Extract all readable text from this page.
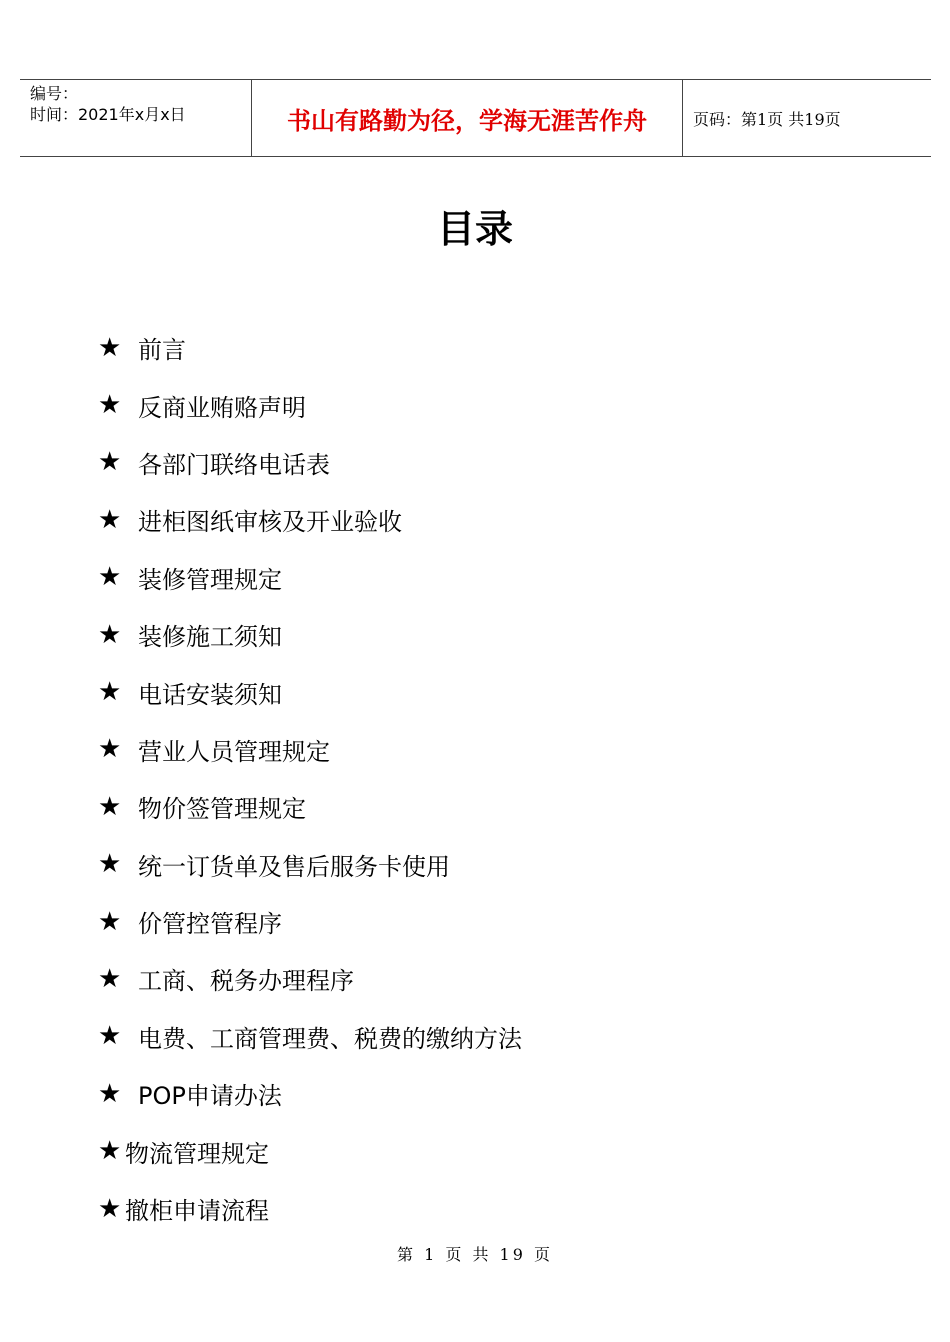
编号：
时间：2021年x月x日	书山有路勤为径，学海无涯苦作舟	页码：第1页 共19页
目录
★ 前言
★ 反商业贿赂声明
★ 各部门联络电话表
★ 进柜图纸审核及开业验收
★ 装修管理规定
★ 装修施工须知
★ 电话安装须知
★ 营业人员管理规定
★ 物价签管理规定
★ 统一订货单及售后服务卡使用
★ 价管控管程序
★ 工商、税务办理程序
★ 电费、工商管理费、税费的缴纳方法
★ POP申请办法
★ 物流管理规定
★ 撤柜申请流程
第 1 页 共 19 页
